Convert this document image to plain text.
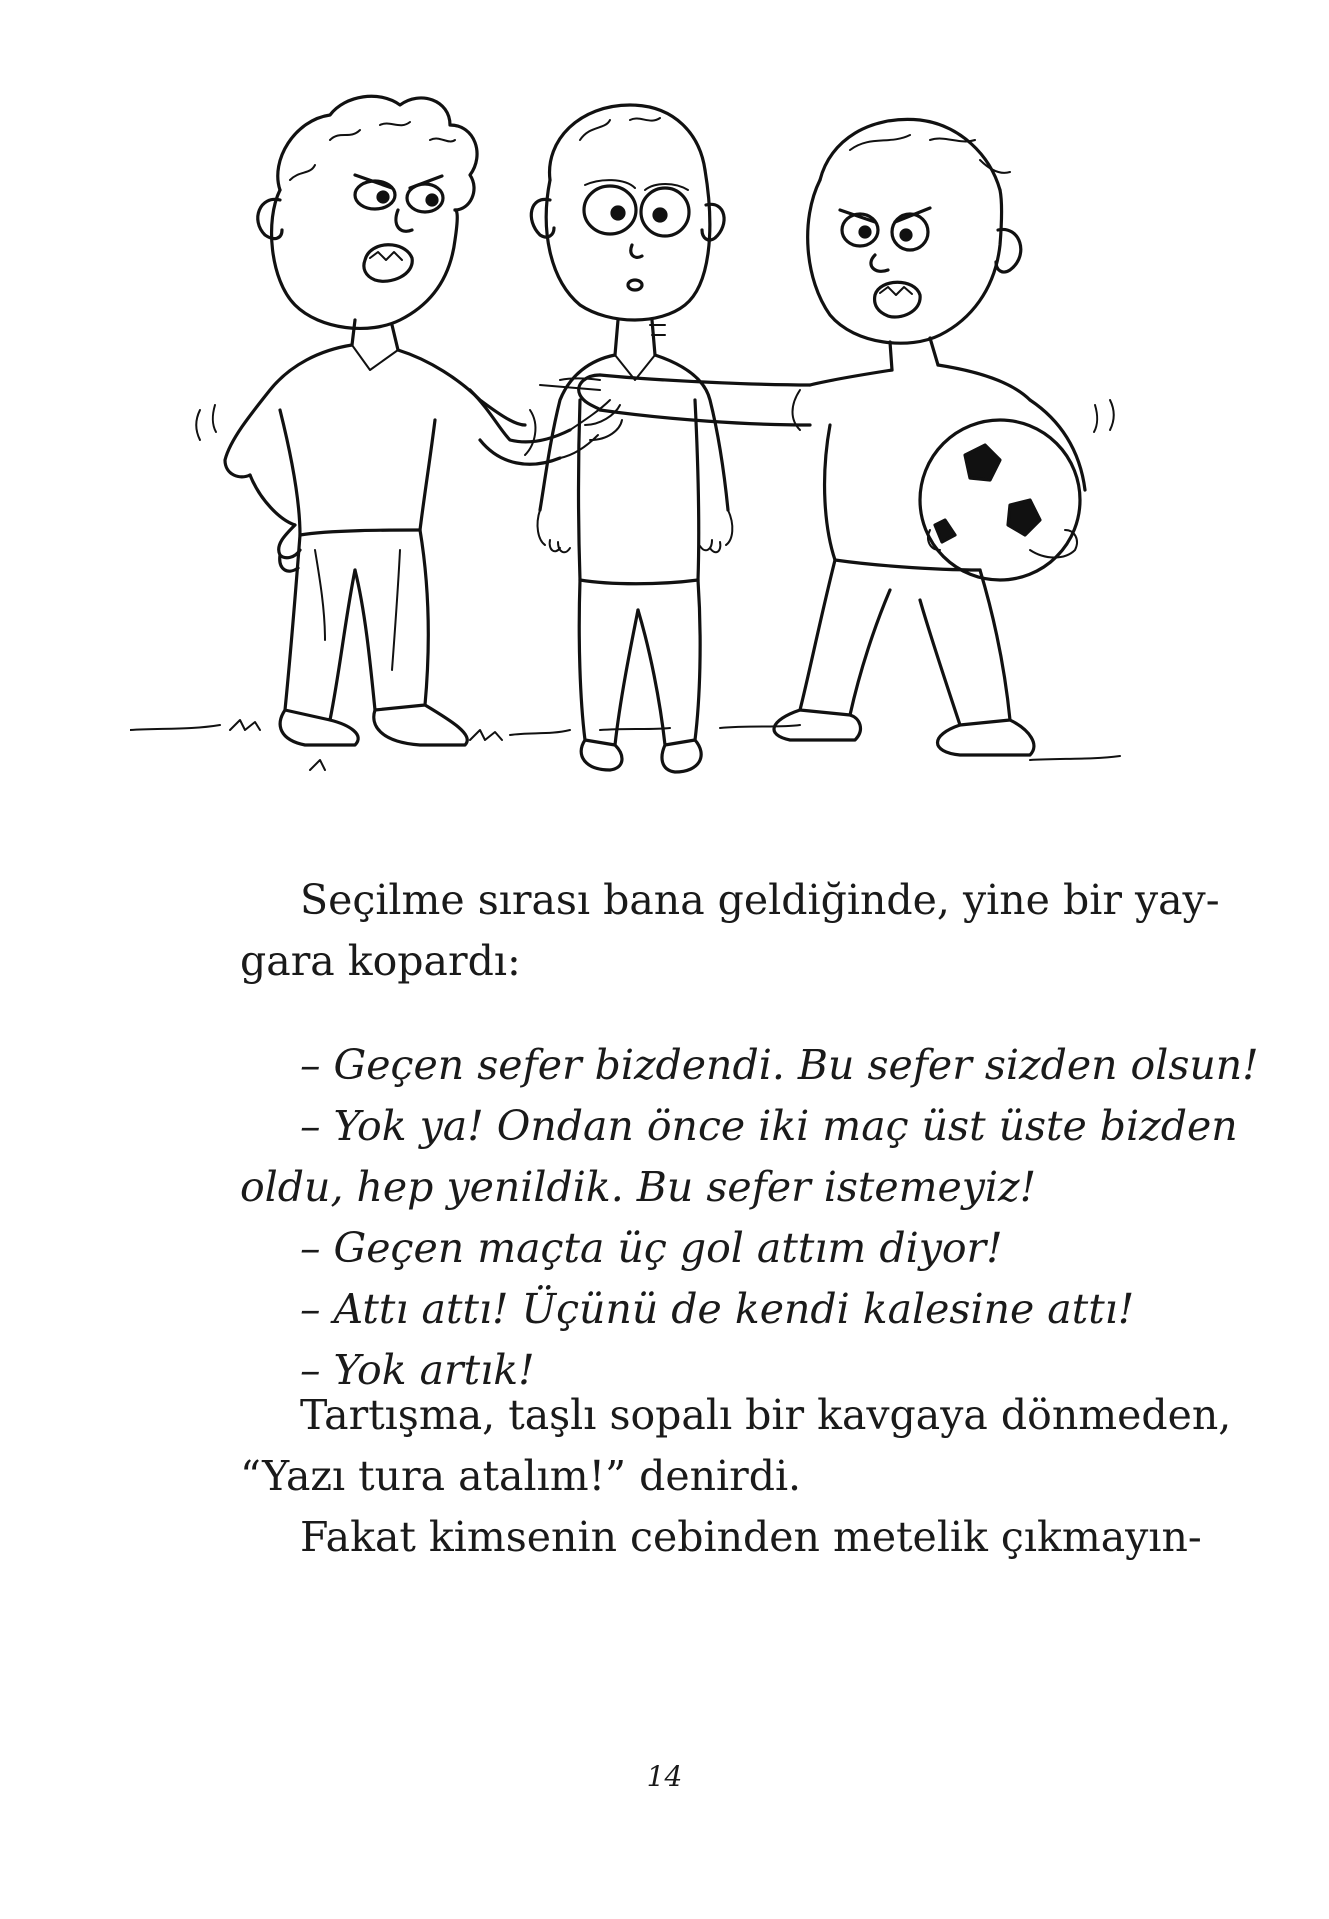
Seçilme sırası bana geldiğinde, yine bir yay-

gara kopardı:

– Geçen sefer bizdendi. Bu sefer sizden olsun!

– Yok ya! Ondan önce iki maç üst üste bizden

oldu, hep yenildik. Bu sefer istemeyiz!

– Geçen maçta üç gol attım diyor!

– Attı attı! Üçünü de kendi kalesine attı!

– Yok artık!

Tartışma, taşlı sopalı bir kavgaya dönmeden,

“Yazı tura atalım!” denirdi.

Fakat kimsenin cebinden metelik çıkmayın-

14
